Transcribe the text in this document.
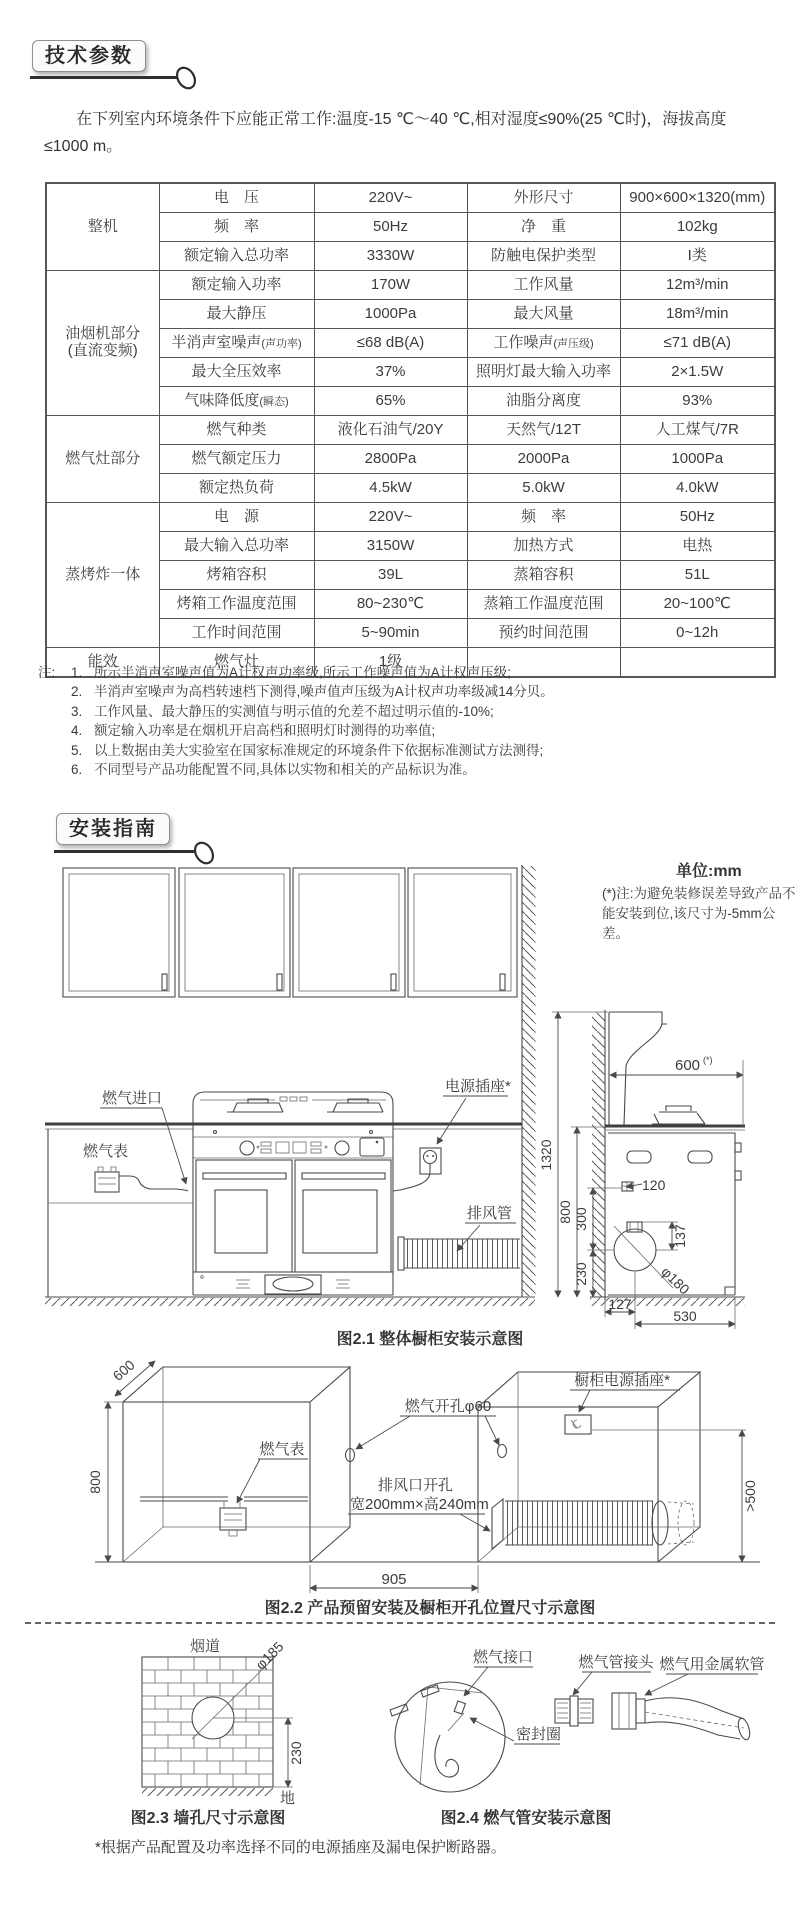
技术参数
在下列室内环境条件下应能正常工作:温度-15 ℃～40 ℃,相对湿度≤90%(25 ℃时)，海拔高度≤1000 m。
整机	电　压	220V~	外形尺寸	900×600×1320(mm)
	频　率	50Hz	净　重	102kg
	额定输入总功率	3330W	防触电保护类型	I类

油烟机部分
(直流变频)	额定输入功率	170W	工作风量	12m³/min
	最大静压	1000Pa	最大风量	18m³/min
	半消声室噪声(声功率)	≤68 dB(A)	工作噪声(声压级)	≤71 dB(A)
	最大全压效率	37%	照明灯最大输入功率	2×1.5W
	气味降低度(瞬态)	65%	油脂分离度	93%

燃气灶部分	燃气种类	液化石油气/20Y	天然气/12T	人工煤气/7R
	燃气额定压力	2800Pa	2000Pa	1000Pa
	额定热负荷	4.5kW	5.0kW	4.0kW

蒸烤炸一体	电　源	220V~	频　率	50Hz
	最大输入总功率	3150W	加热方式	电热
	烤箱容积	39L	蒸箱容积	51L
	烤箱工作温度范围	80~230℃	蒸箱工作温度范围	20~100℃
	工作时间范围	5~90min	预约时间范围	0~12h

能效	燃气灶	1级		
注:	1. 所示半消声室噪声值为A计权声功率级,所示工作噪声值为A计权声压级;
2. 半消声室噪声为高档转速档下测得,噪声值声压级为A计权声功率级减14分贝。
3. 工作风量、最大静压的实测值与明示值的允差不超过明示值的-10%;
4. 额定输入功率是在烟机开启高档和照明灯时测得的功率值;
5. 以上数据由美大实验室在国家标准规定的环境条件下依据标准测试方法测得;
6. 不同型号产品功能配置不同,具体以实物和相关的产品标识为准。
安装指南
单位:mm
(*)注:为避免装修误差导致产品不能安装到位,该尺寸为-5mm公差。
燃气进口
燃气表
电源插座*
排风管
1320
800 300
230
600 (*)
120
137
φ180
127
530
图2.1 整体橱柜安装示意图
600
800
燃气表
燃气开孔φ60
排风口开孔
宽200mm×高240mm
橱柜电源插座*
>500
905
图2.2 产品预留安装及橱柜开孔位置尺寸示意图
烟道 φ185
230
地
图2.3 墙孔尺寸示意图
燃气接口
密封圈
燃气管接头 燃气用金属软管
图2.4 燃气管安装示意图
*根据产品配置及功率选择不同的电源插座及漏电保护断路器。
